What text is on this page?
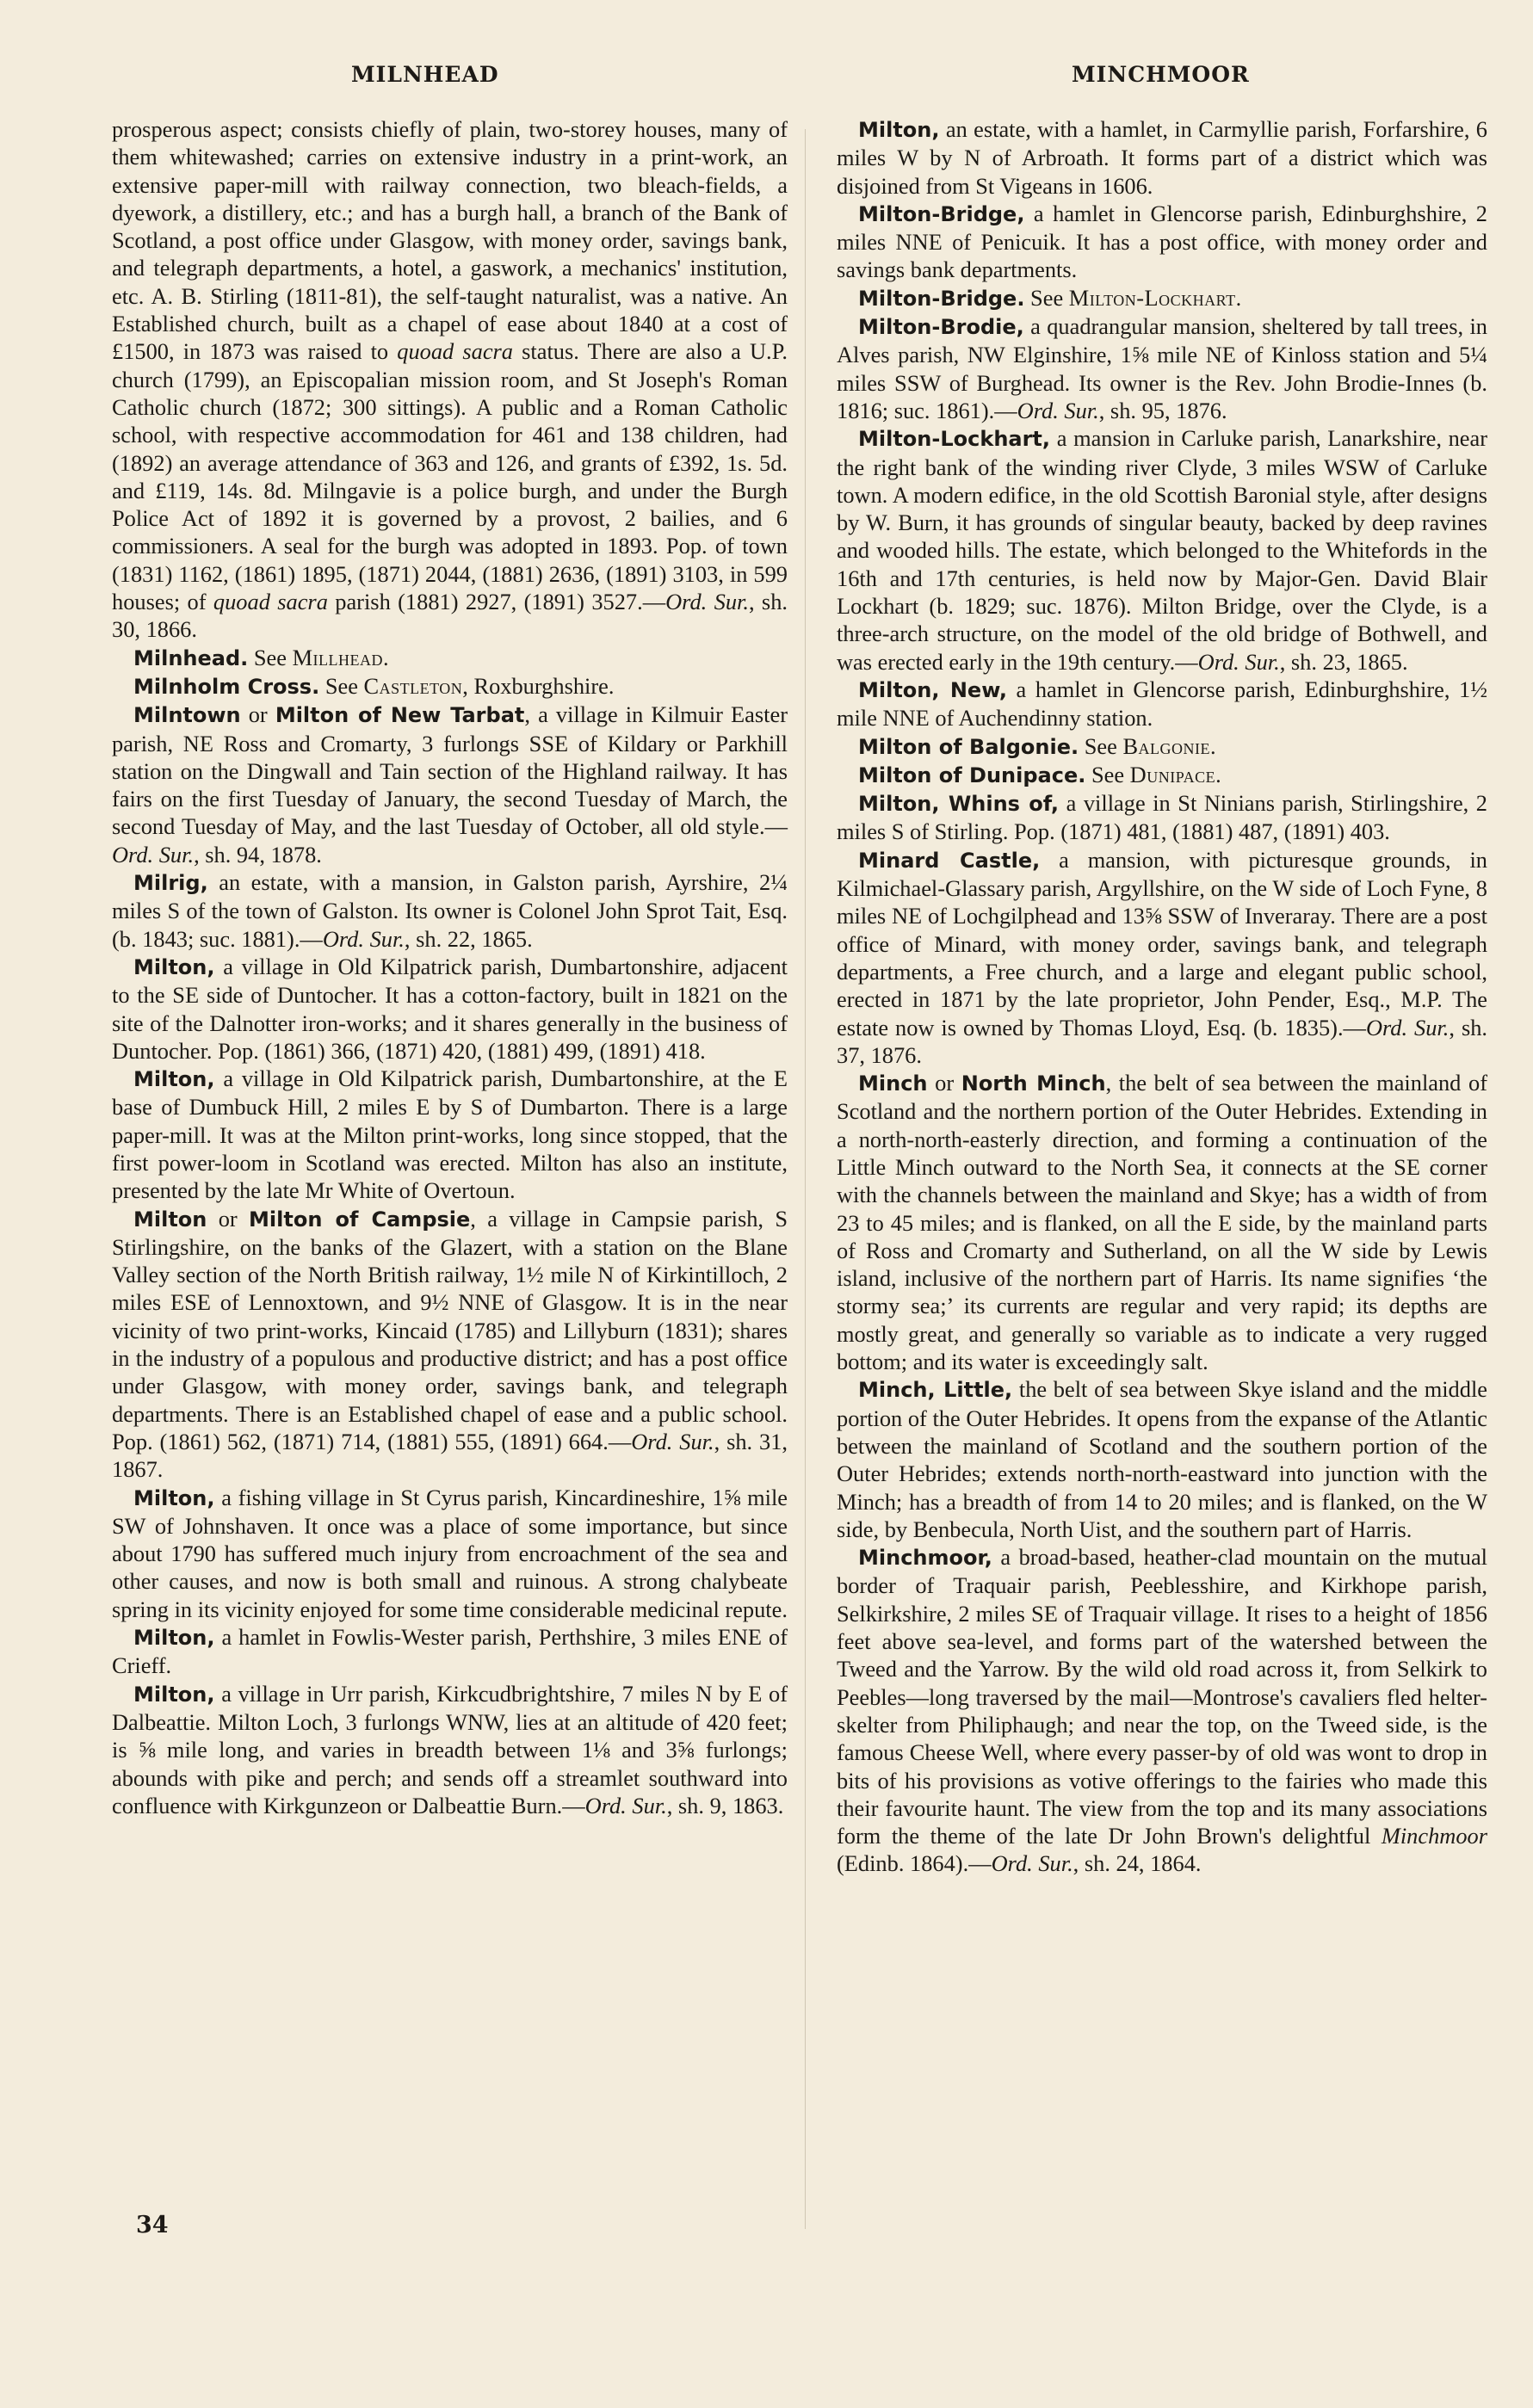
MILNHEAD	MINCHMOOR

prosperous aspect; consists chiefly of plain, two-storey houses, many of them whitewashed; carries on extensive industry in a print-work, an extensive paper-mill with railway connection, two bleach-fields, a dyework, a distillery, etc.; and has a burgh hall, a branch of the Bank of Scotland, a post office under Glasgow, with money order, savings bank, and telegraph departments, a hotel, a gaswork, a mechanics' institution, etc. A. B. Stirling (1811-81), the self-taught naturalist, was a native. An Established church, built as a chapel of ease about 1840 at a cost of £1500, in 1873 was raised to quoad sacra status. There are also a U.P. church (1799), an Episcopalian mission room, and St Joseph's Roman Catholic church (1872; 300 sittings). A public and a Roman Catholic school, with respective accommodation for 461 and 138 children, had (1892) an average attendance of 363 and 126, and grants of £392, 1s. 5d. and £119, 14s. 8d. Milngavie is a police burgh, and under the Burgh Police Act of 1892 it is governed by a provost, 2 bailies, and 6 commissioners. A seal for the burgh was adopted in 1893. Pop. of town (1831) 1162, (1861) 1895, (1871) 2044, (1881) 2636, (1891) 3103, in 599 houses; of quoad sacra parish (1881) 2927, (1891) 3527.—Ord. Sur., sh. 30, 1866.

Milnhead. See Millhead.

Milnholm Cross. See Castleton, Roxburghshire.

Milntown or Milton of New Tarbat, a village in Kilmuir Easter parish, NE Ross and Cromarty, 3 furlongs SSE of Kildary or Parkhill station on the Dingwall and Tain section of the Highland railway. It has fairs on the first Tuesday of January, the second Tuesday of March, the second Tuesday of May, and the last Tuesday of October, all old style.—Ord. Sur., sh. 94, 1878.

Milrig, an estate, with a mansion, in Galston parish, Ayrshire, 2¼ miles S of the town of Galston. Its owner is Colonel John Sprot Tait, Esq. (b. 1843; suc. 1881).—Ord. Sur., sh. 22, 1865.

Milton, a village in Old Kilpatrick parish, Dumbartonshire, adjacent to the SE side of Duntocher. It has a cotton-factory, built in 1821 on the site of the Dalnotter iron-works; and it shares generally in the business of Duntocher. Pop. (1861) 366, (1871) 420, (1881) 499, (1891) 418.

Milton, a village in Old Kilpatrick parish, Dumbartonshire, at the E base of Dumbuck Hill, 2 miles E by S of Dumbarton. There is a large paper-mill. It was at the Milton print-works, long since stopped, that the first power-loom in Scotland was erected. Milton has also an institute, presented by the late Mr White of Overtoun.

Milton or Milton of Campsie, a village in Campsie parish, S Stirlingshire, on the banks of the Glazert, with a station on the Blane Valley section of the North British railway, 1½ mile N of Kirkintilloch, 2 miles ESE of Lennoxtown, and 9½ NNE of Glasgow. It is in the near vicinity of two print-works, Kincaid (1785) and Lillyburn (1831); shares in the industry of a populous and productive district; and has a post office under Glasgow, with money order, savings bank, and telegraph departments. There is an Established chapel of ease and a public school. Pop. (1861) 562, (1871) 714, (1881) 555, (1891) 664.—Ord. Sur., sh. 31, 1867.

Milton, a fishing village in St Cyrus parish, Kincardineshire, 1⅝ mile SW of Johnshaven. It once was a place of some importance, but since about 1790 has suffered much injury from encroachment of the sea and other causes, and now is both small and ruinous. A strong chalybeate spring in its vicinity enjoyed for some time considerable medicinal repute.

Milton, a hamlet in Fowlis-Wester parish, Perthshire, 3 miles ENE of Crieff.

Milton, a village in Urr parish, Kirkcudbrightshire, 7 miles N by E of Dalbeattie. Milton Loch, 3 furlongs WNW, lies at an altitude of 420 feet; is ⅝ mile long, and varies in breadth between 1⅛ and 3⅝ furlongs; abounds with pike and perch; and sends off a streamlet southward into confluence with Kirkgunzeon or Dalbeattie Burn.—Ord. Sur., sh. 9, 1863.

Milton, an estate, with a hamlet, in Carmyllie parish, Forfarshire, 6 miles W by N of Arbroath. It forms part of a district which was disjoined from St Vigeans in 1606.

Milton-Bridge, a hamlet in Glencorse parish, Edinburghshire, 2 miles NNE of Penicuik. It has a post office, with money order and savings bank departments.

Milton-Bridge. See Milton-Lockhart.

Milton-Brodie, a quadrangular mansion, sheltered by tall trees, in Alves parish, NW Elginshire, 1⅝ mile NE of Kinloss station and 5¼ miles SSW of Burghead. Its owner is the Rev. John Brodie-Innes (b. 1816; suc. 1861).—Ord. Sur., sh. 95, 1876.

Milton-Lockhart, a mansion in Carluke parish, Lanarkshire, near the right bank of the winding river Clyde, 3 miles WSW of Carluke town. A modern edifice, in the old Scottish Baronial style, after designs by W. Burn, it has grounds of singular beauty, backed by deep ravines and wooded hills. The estate, which belonged to the Whitefords in the 16th and 17th centuries, is held now by Major-Gen. David Blair Lockhart (b. 1829; suc. 1876). Milton Bridge, over the Clyde, is a three-arch structure, on the model of the old bridge of Bothwell, and was erected early in the 19th century.—Ord. Sur., sh. 23, 1865.

Milton, New, a hamlet in Glencorse parish, Edinburghshire, 1½ mile NNE of Auchendinny station.

Milton of Balgonie. See Balgonie.

Milton of Dunipace. See Dunipace.

Milton, Whins of, a village in St Ninians parish, Stirlingshire, 2 miles S of Stirling. Pop. (1871) 481, (1881) 487, (1891) 403.

Minard Castle, a mansion, with picturesque grounds, in Kilmichael-Glassary parish, Argyllshire, on the W side of Loch Fyne, 8 miles NE of Lochgilphead and 13⅝ SSW of Inveraray. There are a post office of Minard, with money order, savings bank, and telegraph departments, a Free church, and a large and elegant public school, erected in 1871 by the late proprietor, John Pender, Esq., M.P. The estate now is owned by Thomas Lloyd, Esq. (b. 1835).—Ord. Sur., sh. 37, 1876.

Minch or North Minch, the belt of sea between the mainland of Scotland and the northern portion of the Outer Hebrides. Extending in a north-north-easterly direction, and forming a continuation of the Little Minch outward to the North Sea, it connects at the SE corner with the channels between the mainland and Skye; has a width of from 23 to 45 miles; and is flanked, on all the E side, by the mainland parts of Ross and Cromarty and Sutherland, on all the W side by Lewis island, inclusive of the northern part of Harris. Its name signifies ‘the stormy sea;’ its currents are regular and very rapid; its depths are mostly great, and generally so variable as to indicate a very rugged bottom; and its water is exceedingly salt.

Minch, Little, the belt of sea between Skye island and the middle portion of the Outer Hebrides. It opens from the expanse of the Atlantic between the mainland of Scotland and the southern portion of the Outer Hebrides; extends north-north-eastward into junction with the Minch; has a breadth of from 14 to 20 miles; and is flanked, on the W side, by Benbecula, North Uist, and the southern part of Harris.

Minchmoor, a broad-based, heather-clad mountain on the mutual border of Traquair parish, Peeblesshire, and Kirkhope parish, Selkirkshire, 2 miles SE of Traquair village. It rises to a height of 1856 feet above sea-level, and forms part of the watershed between the Tweed and the Yarrow. By the wild old road across it, from Selkirk to Peebles—long traversed by the mail—Montrose's cavaliers fled helter-skelter from Philiphaugh; and near the top, on the Tweed side, is the famous Cheese Well, where every passer-by of old was wont to drop in bits of his provisions as votive offerings to the fairies who made this their favourite haunt. The view from the top and its many associations form the theme of the late Dr John Brown's delightful Minchmoor (Edinb. 1864).—Ord. Sur., sh. 24, 1864.

34
